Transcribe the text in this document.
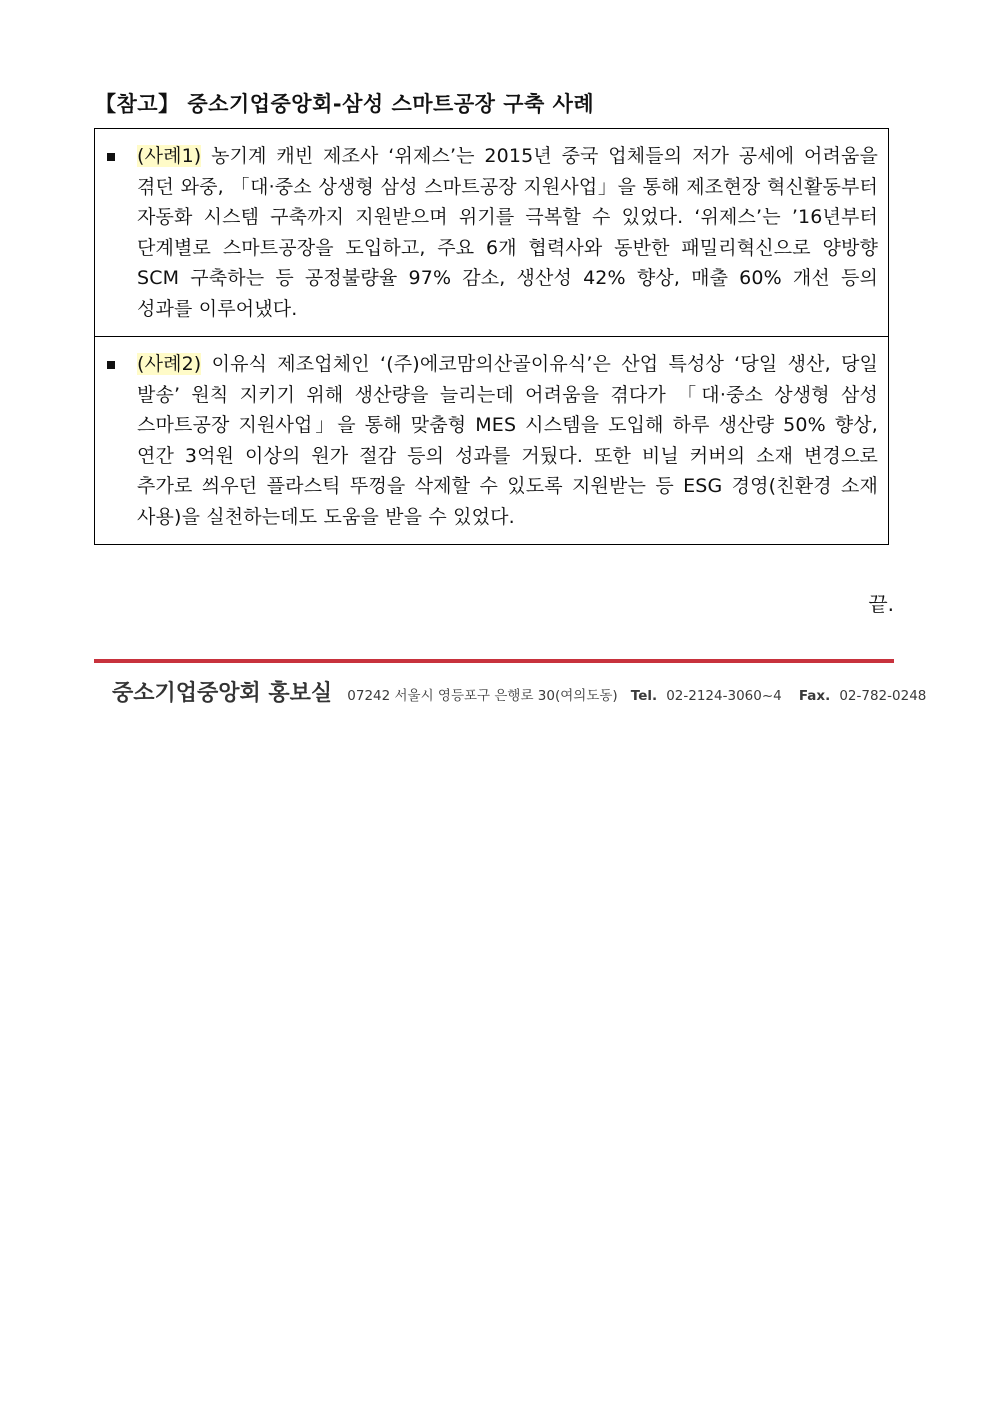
【참고】 중소기업중앙회-삼성 스마트공장 구축 사례
(사례1) 농기계 캐빈 제조사 ‘위제스’는 2015년 중국 업체들의 저가 공세에 어려움을 겪던 와중, 「대·중소 상생형 삼성 스마트공장 지원사업」을 통해 제조현장 혁신활동부터 자동화 시스템 구축까지 지원받으며 위기를 극복할 수 있었다. ‘위제스’는 ’16년부터 단계별로 스마트공장을 도입하고, 주요 6개 협력사와 동반한 패밀리혁신으로 양방향 SCM 구축하는 등 공정불량율 97% 감소, 생산성 42% 향상, 매출 60% 개선 등의 성과를 이루어냈다.

(사례2) 이유식 제조업체인 ‘(주)에코맘의산골이유식’은 산업 특성상 ‘당일 생산, 당일 발송’ 원칙 지키기 위해 생산량을 늘리는데 어려움을 겪다가 「대·중소 상생형 삼성 스마트공장 지원사업」을 통해 맞춤형 MES 시스템을 도입해 하루 생산량 50% 향상, 연간 3억원 이상의 원가 절감 등의 성과를 거뒀다. 또한 비닐 커버의 소재 변경으로 추가로 씌우던 플라스틱 뚜껑을 삭제할 수 있도록 지원받는 등 ESG 경영(친환경 소재 사용)을 실천하는데도 도움을 받을 수 있었다.
끝.
중소기업중앙회 홍보실 07242 서울시 영등포구 은행로 30(여의도동) Tel. 02-2124-3060~4 Fax. 02-782-0248
